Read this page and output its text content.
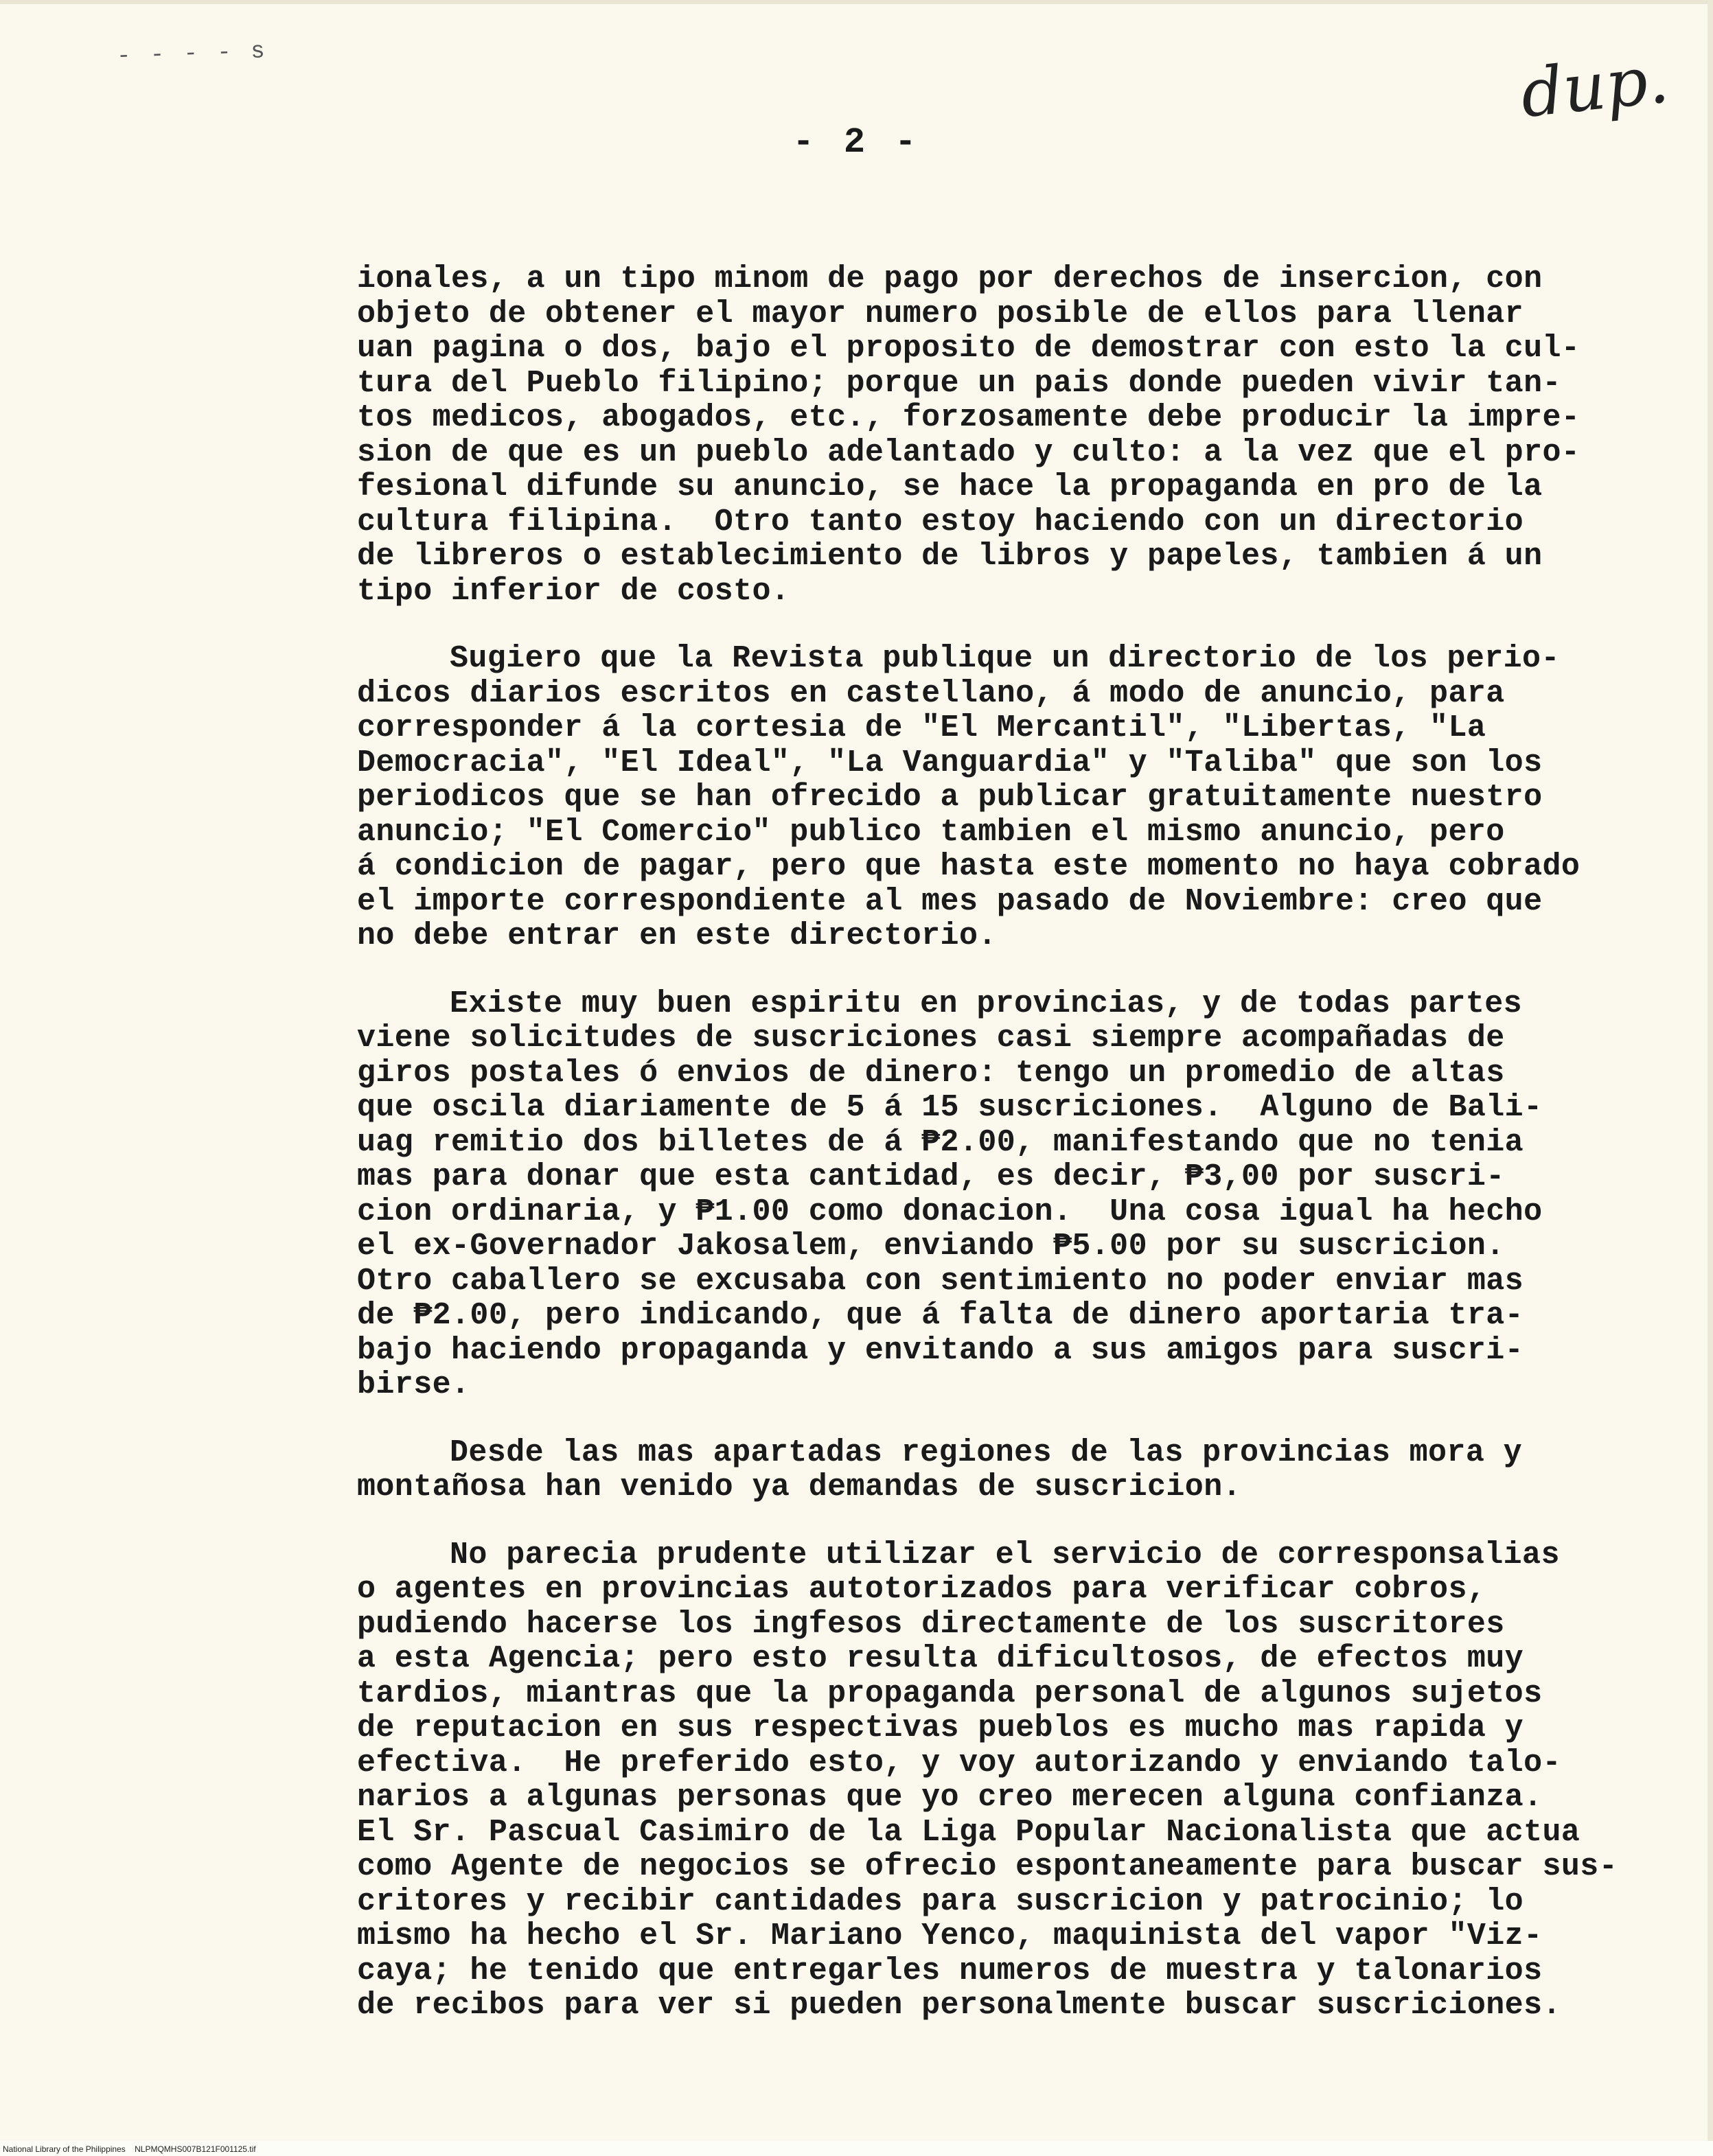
- - - - s	dup.
- 2 -

ionales, a un tipo minom de pago por derechos de insercion, con
objeto de obtener el mayor numero posible de ellos para llenar
uan pagina o dos, bajo el proposito de demostrar con esto la cul-
tura del Pueblo filipino; porque un pais donde pueden vivir tan-
tos medicos, abogados, etc., forzosamente debe producir la impre-
sion de que es un pueblo adelantado y culto: a la vez que el pro-
fesional difunde su anuncio, se hace la propaganda en pro de la
cultura filipina.  Otro tanto estoy haciendo con un directorio
de libreros o establecimiento de libros y papeles, tambien á un
tipo inferior de costo.

Sugiero que la Revista publique un directorio de los perio-
dicos diarios escritos en castellano, á modo de anuncio, para
corresponder á la cortesia de "El Mercantil", "Libertas, "La
Democracia", "El Ideal", "La Vanguardia" y "Taliba" que son los
periodicos que se han ofrecido a publicar gratuitamente nuestro
anuncio; "El Comercio" publico tambien el mismo anuncio, pero
á condicion de pagar, pero que hasta este momento no haya cobrado
el importe correspondiente al mes pasado de Noviembre: creo que
no debe entrar en este directorio.

Existe muy buen espiritu en provincias, y de todas partes
viene solicitudes de suscriciones casi siempre acompañadas de
giros postales ó envios de dinero: tengo un promedio de altas
que oscila diariamente de 5 á 15 suscriciones.  Alguno de Bali-
uag remitio dos billetes de á ₱2.00, manifestando que no tenia
mas para donar que esta cantidad, es decir, ₱3,00 por suscri-
cion ordinaria, y ₱1.00 como donacion.  Una cosa igual ha hecho
el ex-Governador Jakosalem, enviando ₱5.00 por su suscricion.
Otro caballero se excusaba con sentimiento no poder enviar mas
de ₱2.00, pero indicando, que á falta de dinero aportaria tra-
bajo haciendo propaganda y envitando a sus amigos para suscri-
birse.

Desde las mas apartadas regiones de las provincias mora y
montañosa han venido ya demandas de suscricion.

No parecia prudente utilizar el servicio de corresponsalias
o agentes en provincias autotorizados para verificar cobros,
pudiendo hacerse los ingfesos directamente de los suscritores
a esta Agencia; pero esto resulta dificultosos, de efectos muy
tardios, miantras que la propaganda personal de algunos sujetos
de reputacion en sus respectivas pueblos es mucho mas rapida y
efectiva.  He preferido esto, y voy autorizando y enviando talo-
narios a algunas personas que yo creo merecen alguna confianza.
El Sr. Pascual Casimiro de la Liga Popular Nacionalista que actua
como Agente de negocios se ofrecio espontaneamente para buscar sus-
critores y recibir cantidades para suscricion y patrocinio; lo
mismo ha hecho el Sr. Mariano Yenco, maquinista del vapor "Viz-
caya; he tenido que entregarles numeros de muestra y talonarios
de recibos para ver si pueden personalmente buscar suscriciones.

National Library of the Philippines    NLPMQMHS007B121F001125.tif
